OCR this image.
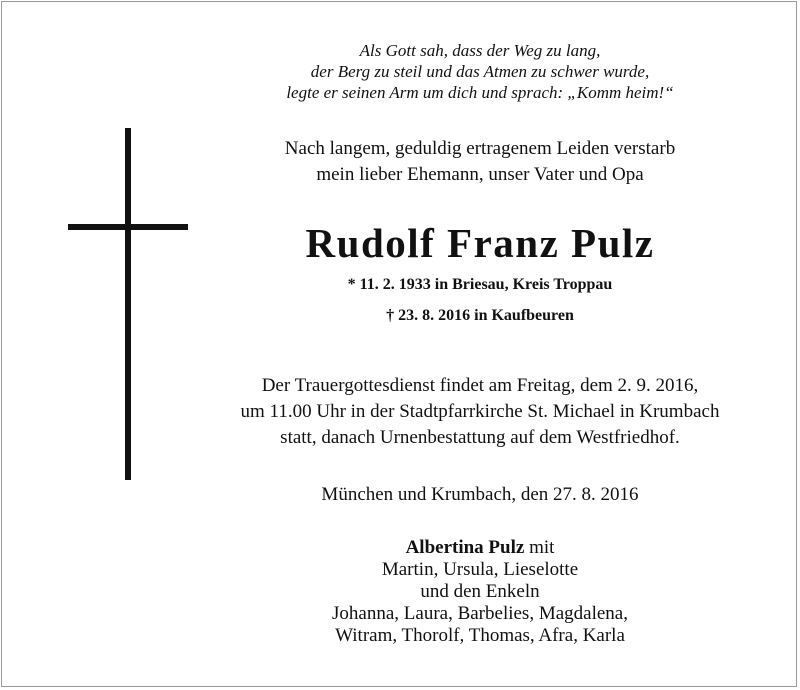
Als Gott sah, dass der Weg zu lang,
der Berg zu steil und das Atmen zu schwer wurde,
legte er seinen Arm um dich und sprach: „Komm heim!“
Nach langem, geduldig ertragenem Leiden verstarb
mein lieber Ehemann, unser Vater und Opa
Rudolf Franz Pulz
* 11. 2. 1933 in Briesau, Kreis Troppau
† 23. 8. 2016 in Kaufbeuren
Der Trauergottesdienst findet am Freitag, dem 2. 9. 2016,
um 11.00 Uhr in der Stadtpfarrkirche St. Michael in Krumbach
statt, danach Urnenbestattung auf dem Westfriedhof.
München und Krumbach, den 27. 8. 2016
Albertina Pulz mit
Martin, Ursula, Lieselotte
und den Enkeln
Johanna, Laura, Barbelies, Magdalena,
Witram, Thorolf, Thomas, Afra, Karla
